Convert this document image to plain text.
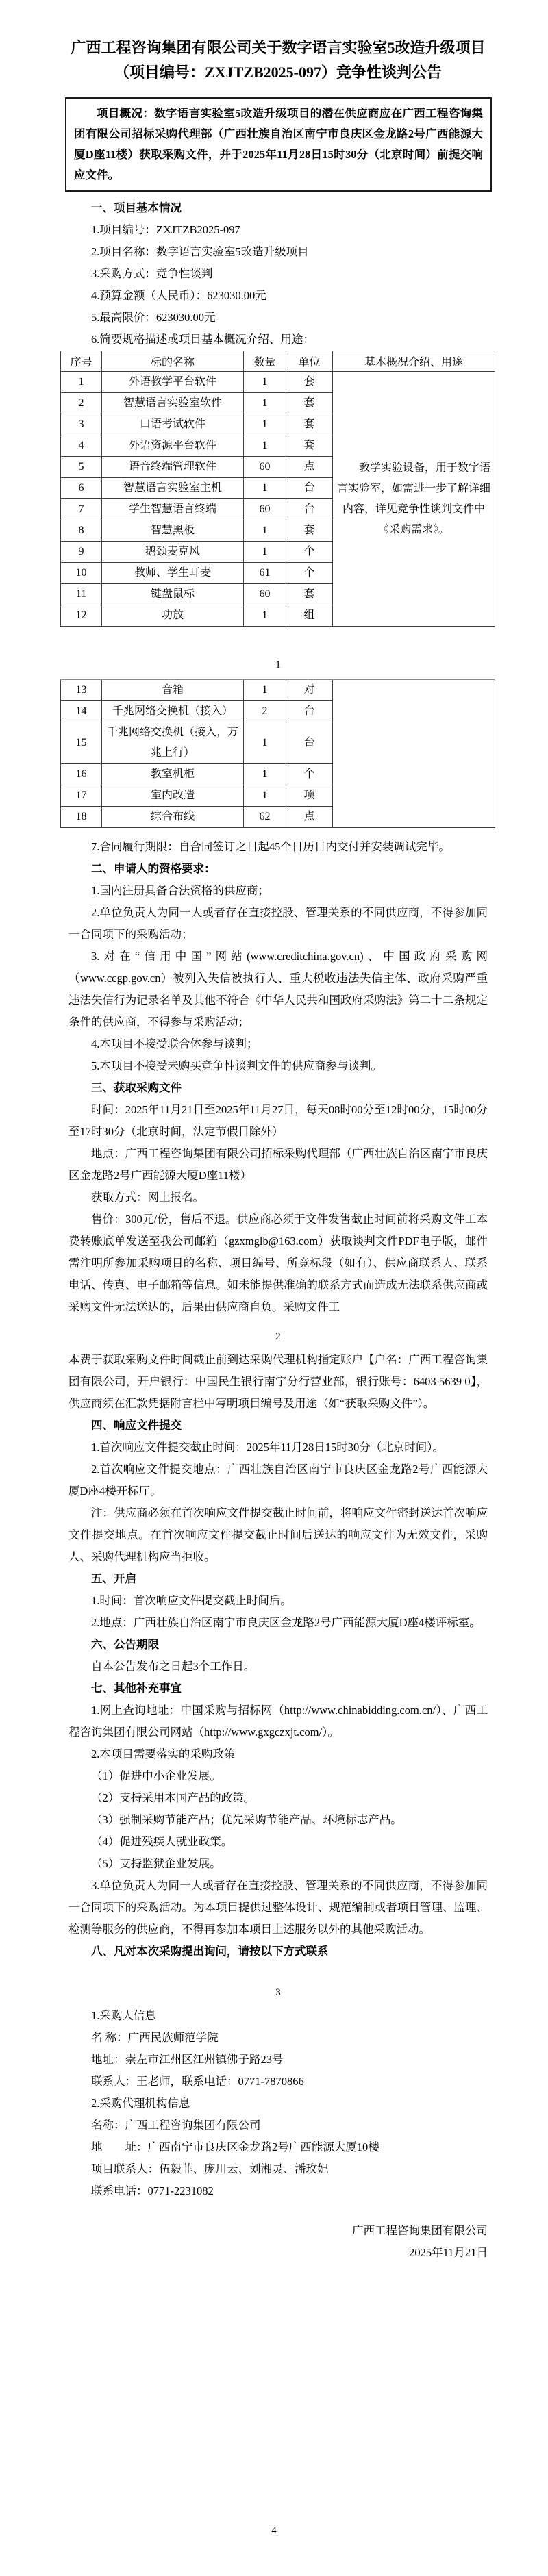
广西工程咨询集团有限公司关于数字语言实验室5改造升级项目
（项目编号：ZXJTZB2025-097）竞争性谈判公告

项目概况：数字语言实验室5改造升级项目的潜在供应商应在广西工程咨询集团有限公司招标采购代理部（广西壮族自治区南宁市良庆区金龙路2号广西能源大厦D座11楼）获取采购文件，并于2025年11月28日15时30分（北京时间）前提交响应文件。

一、项目基本情况

1.项目编号：ZXJTZB2025-097

2.项目名称：数字语言实验室5改造升级项目

3.采购方式：竞争性谈判

4.预算金额（人民币）：623030.00元

5.最高限价：623030.00元

6.简要规格描述或项目基本概况介绍、用途：

序号	标的名称	数量	单位	基本概况介绍、用途
1	外语教学平台软件	1	套	教学实验设备，用于数字语言实验室，如需进一步了解详细内容，详见竞争性谈判文件中《采购需求》。

2	智慧语言实验室软件	1	套	
3	口语考试软件	1	套	
4	外语资源平台软件	1	套	
5	语音终端管理软件	60	点	
6	智慧语言实验室主机	1	台	
7	学生智慧语言终端	60	台	
8	智慧黑板	1	套	
9	鹅颈麦克风	1	个	
10	教师、学生耳麦	61	个	
11	键盘鼠标	60	套	
12	功放	1	组	

1

13	音箱	1	对	
14	千兆网络交换机（接入）	2	台	
15	千兆网络交换机（接入，万兆上行）	1	台	
16	教室机柜	1	个	
17	室内改造	1	项	
18	综合布线	62	点	

7.合同履行期限：自合同签订之日起45个日历日内交付并安装调试完毕。

二、申请人的资格要求：

1.国内注册具备合法资格的供应商；

2.单位负责人为同一人或者存在直接控股、管理关系的不同供应商，不得参加同一合同项下的采购活动；

3.对在“信用中国”网站(www.creditchina.gov.cn)、中国政府采购网（www.ccgp.gov.cn）被列入失信被执行人、重大税收违法失信主体、政府采购严重违法失信行为记录名单及其他不符合《中华人民共和国政府采购法》第二十二条规定条件的供应商，不得参与采购活动；

4.本项目不接受联合体参与谈判；

5.本项目不接受未购买竞争性谈判文件的供应商参与谈判。

三、获取采购文件

时间：2025年11月21日至2025年11月27日，每天08时00分至12时00分，15时00分至17时30分（北京时间，法定节假日除外）

地点：广西工程咨询集团有限公司招标采购代理部（广西壮族自治区南宁市良庆区金龙路2号广西能源大厦D座11楼）

获取方式：网上报名。

售价：300元/份，售后不退。供应商必须于文件发售截止时间前将采购文件工本费转账底单发送至我公司邮箱（gzxmglb@163.com）获取谈判文件PDF电子版，邮件需注明所参加采购项目的名称、项目编号、所竞标段（如有）、供应商联系人、联系电话、传真、电子邮箱等信息。如未能提供准确的联系方式而造成无法联系供应商或采购文件无法送达的，后果由供应商自负。采购文件工

2

本费于获取采购文件时间截止前到达采购代理机构指定账户【户名：广西工程咨询集团有限公司，开户银行：中国民生银行南宁分行营业部，银行账号：6403 5639 0】，供应商须在汇款凭据附言栏中写明项目编号及用途（如“获取采购文件”）。

四、响应文件提交

1.首次响应文件提交截止时间：2025年11月28日15时30分（北京时间）。

2.首次响应文件提交地点：广西壮族自治区南宁市良庆区金龙路2号广西能源大厦D座4楼开标厅。

注：供应商必须在首次响应文件提交截止时间前，将响应文件密封送达首次响应文件提交地点。在首次响应文件提交截止时间后送达的响应文件为无效文件，采购人、采购代理机构应当拒收。

五、开启

1.时间：首次响应文件提交截止时间后。

2.地点：广西壮族自治区南宁市良庆区金龙路2号广西能源大厦D座4楼评标室。

六、公告期限

自本公告发布之日起3个工作日。

七、其他补充事宜

1.网上查询地址：中国采购与招标网（http://www.chinabidding.com.cn/）、广西工程咨询集团有限公司网站（http://www.gxgczxjt.com/）。

2.本项目需要落实的采购政策

（1）促进中小企业发展。

（2）支持采用本国产品的政策。

（3）强制采购节能产品；优先采购节能产品、环境标志产品。

（4）促进残疾人就业政策。

（5）支持监狱企业发展。

3.单位负责人为同一人或者存在直接控股、管理关系的不同供应商，不得参加同一合同项下的采购活动。为本项目提供过整体设计、规范编制或者项目管理、监理、检测等服务的供应商，不得再参加本项目上述服务以外的其他采购活动。

八、凡对本次采购提出询问，请按以下方式联系

3

1.采购人信息

名 称：广西民族师范学院

地址：崇左市江州区江州镇佛子路23号

联系人：王老师，联系电话：0771-7870866

2.采购代理机构信息

名称：广西工程咨询集团有限公司

地　　址：广西南宁市良庆区金龙路2号广西能源大厦10楼

项目联系人：伍毅菲、庞川云、刘湘灵、潘玫妃

联系电话：0771-2231082

广西工程咨询集团有限公司

2025年11月21日

4
